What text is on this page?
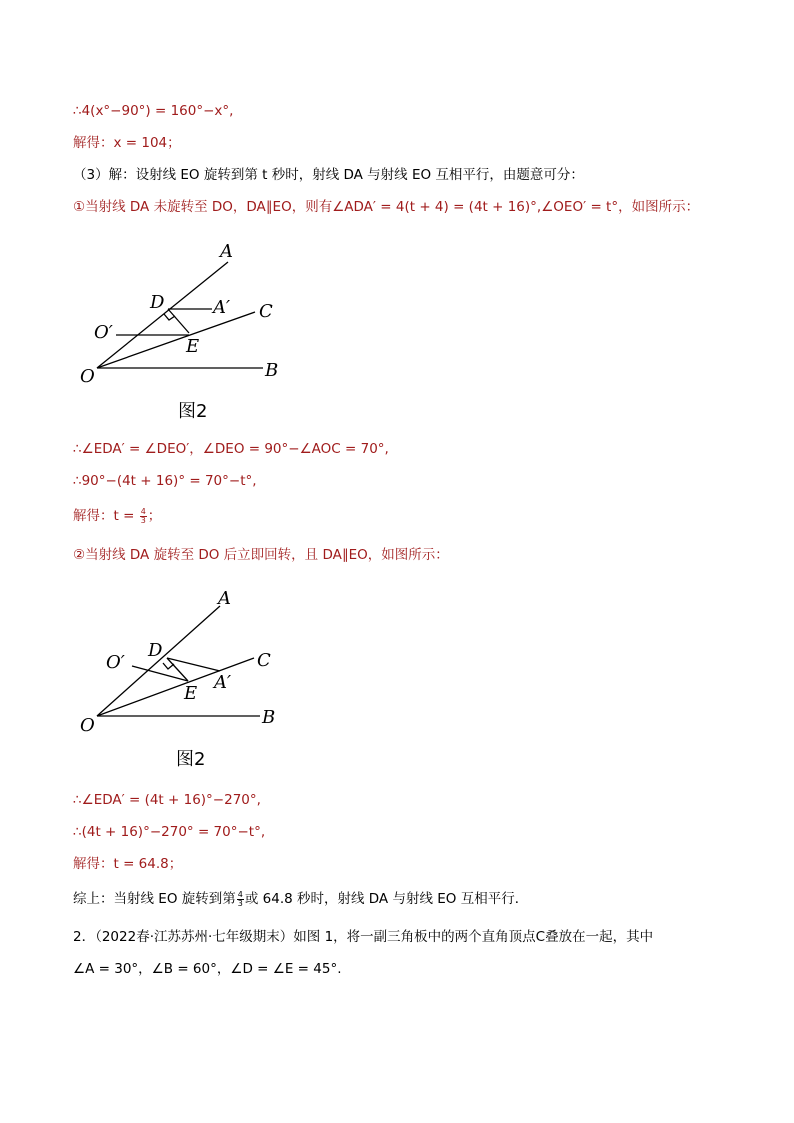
∴4(x°−90°) = 160°−x°,
解得：x = 104；
（3）解：设射线 EO 旋转到第 t 秒时，射线 DA 与射线 EO 互相平行，由题意可分：
①当射线 DA 未旋转至 DO，DA∥EO，则有∠ADA′ = 4(t + 4) = (4t + 16)°,∠OEO′ = t°，如图所示：
A
A′ C
D
O′
E
O	B
图2
∴∠EDA′ = ∠DEO′，∠DEO = 90°−∠AOC = 70°,
∴90°−(4t + 16)° = 70°−t°,
解得：$t = \frac{4}{3}$ ；
②当射线 DA 旋转至 DO 后立即回转，且 DA∥EO，如图所示：
A
A′
C
D
O′
E
O	B
图2
∴∠EDA′ = (4t + 16)°−270°,
∴(4t + 16)°−270° = 70°−t°,
解得：t = 64.8；
综上：当射线 EO 旋转到第 $\frac{4}{3}$ 或 64.8 秒时，射线 DA 与射线 EO 互相平行．
2．（2022春·江苏苏州·七年级期末）如图 1，将一副三角板中的两个直角顶点C叠放在一起，其中
∠A = 30°，∠B = 60°，∠D = ∠E = 45°.
